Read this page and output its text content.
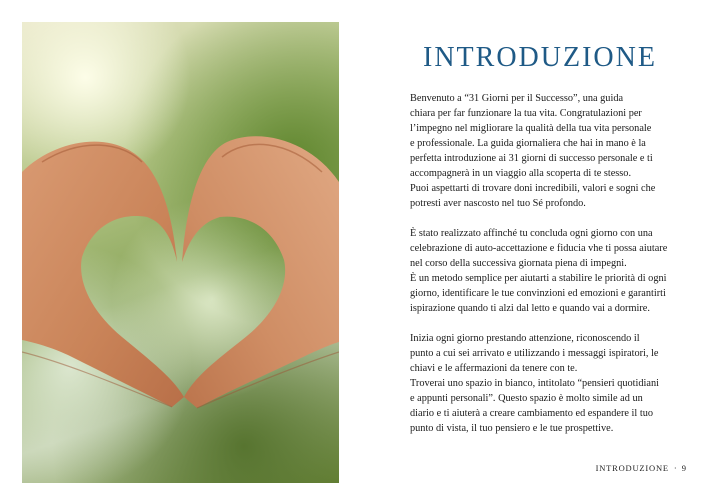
INTRODUZIONE
Benvenuto a “31 Giorni per il Successo”, una guida
chiara per far funzionare la tua vita. Congratulazioni per
l’impegno nel migliorare la qualità della tua vita personale
e professionale. La guida giornaliera che hai in mano è la
perfetta introduzione ai 31 giorni di successo personale e ti
accompagnerà in un viaggio alla scoperta di te stesso.
Puoi aspettarti di trovare doni incredibili, valori e sogni che
potresti aver nascosto nel tuo Sé profondo.
È stato realizzato affinché tu concluda ogni giorno con una
celebrazione di auto-accettazione e fiducia vhe ti possa aiutare
nel corso della successiva giornata piena di impegni.
È un metodo semplice per aiutarti a stabilire le priorità di ogni
giorno, identificare le tue convinzioni ed emozioni e garantirti
ispirazione quando ti alzi dal letto e quando vai a dormire.
Inizia ogni giorno prestando attenzione, riconoscendo il
punto a cui sei arrivato e utilizzando i messaggi ispiratori, le
chiavi e le affermazioni da tenere con te.
Troverai uno spazio in bianco, intitolato “pensieri quotidiani
e appunti personali”. Questo spazio è molto simile ad un
diario e ti aiuterà a creare cambiamento ed espandere il tuo
punto di vista, il tuo pensiero e le tue prospettive.
INTRODUZIONE · 9
